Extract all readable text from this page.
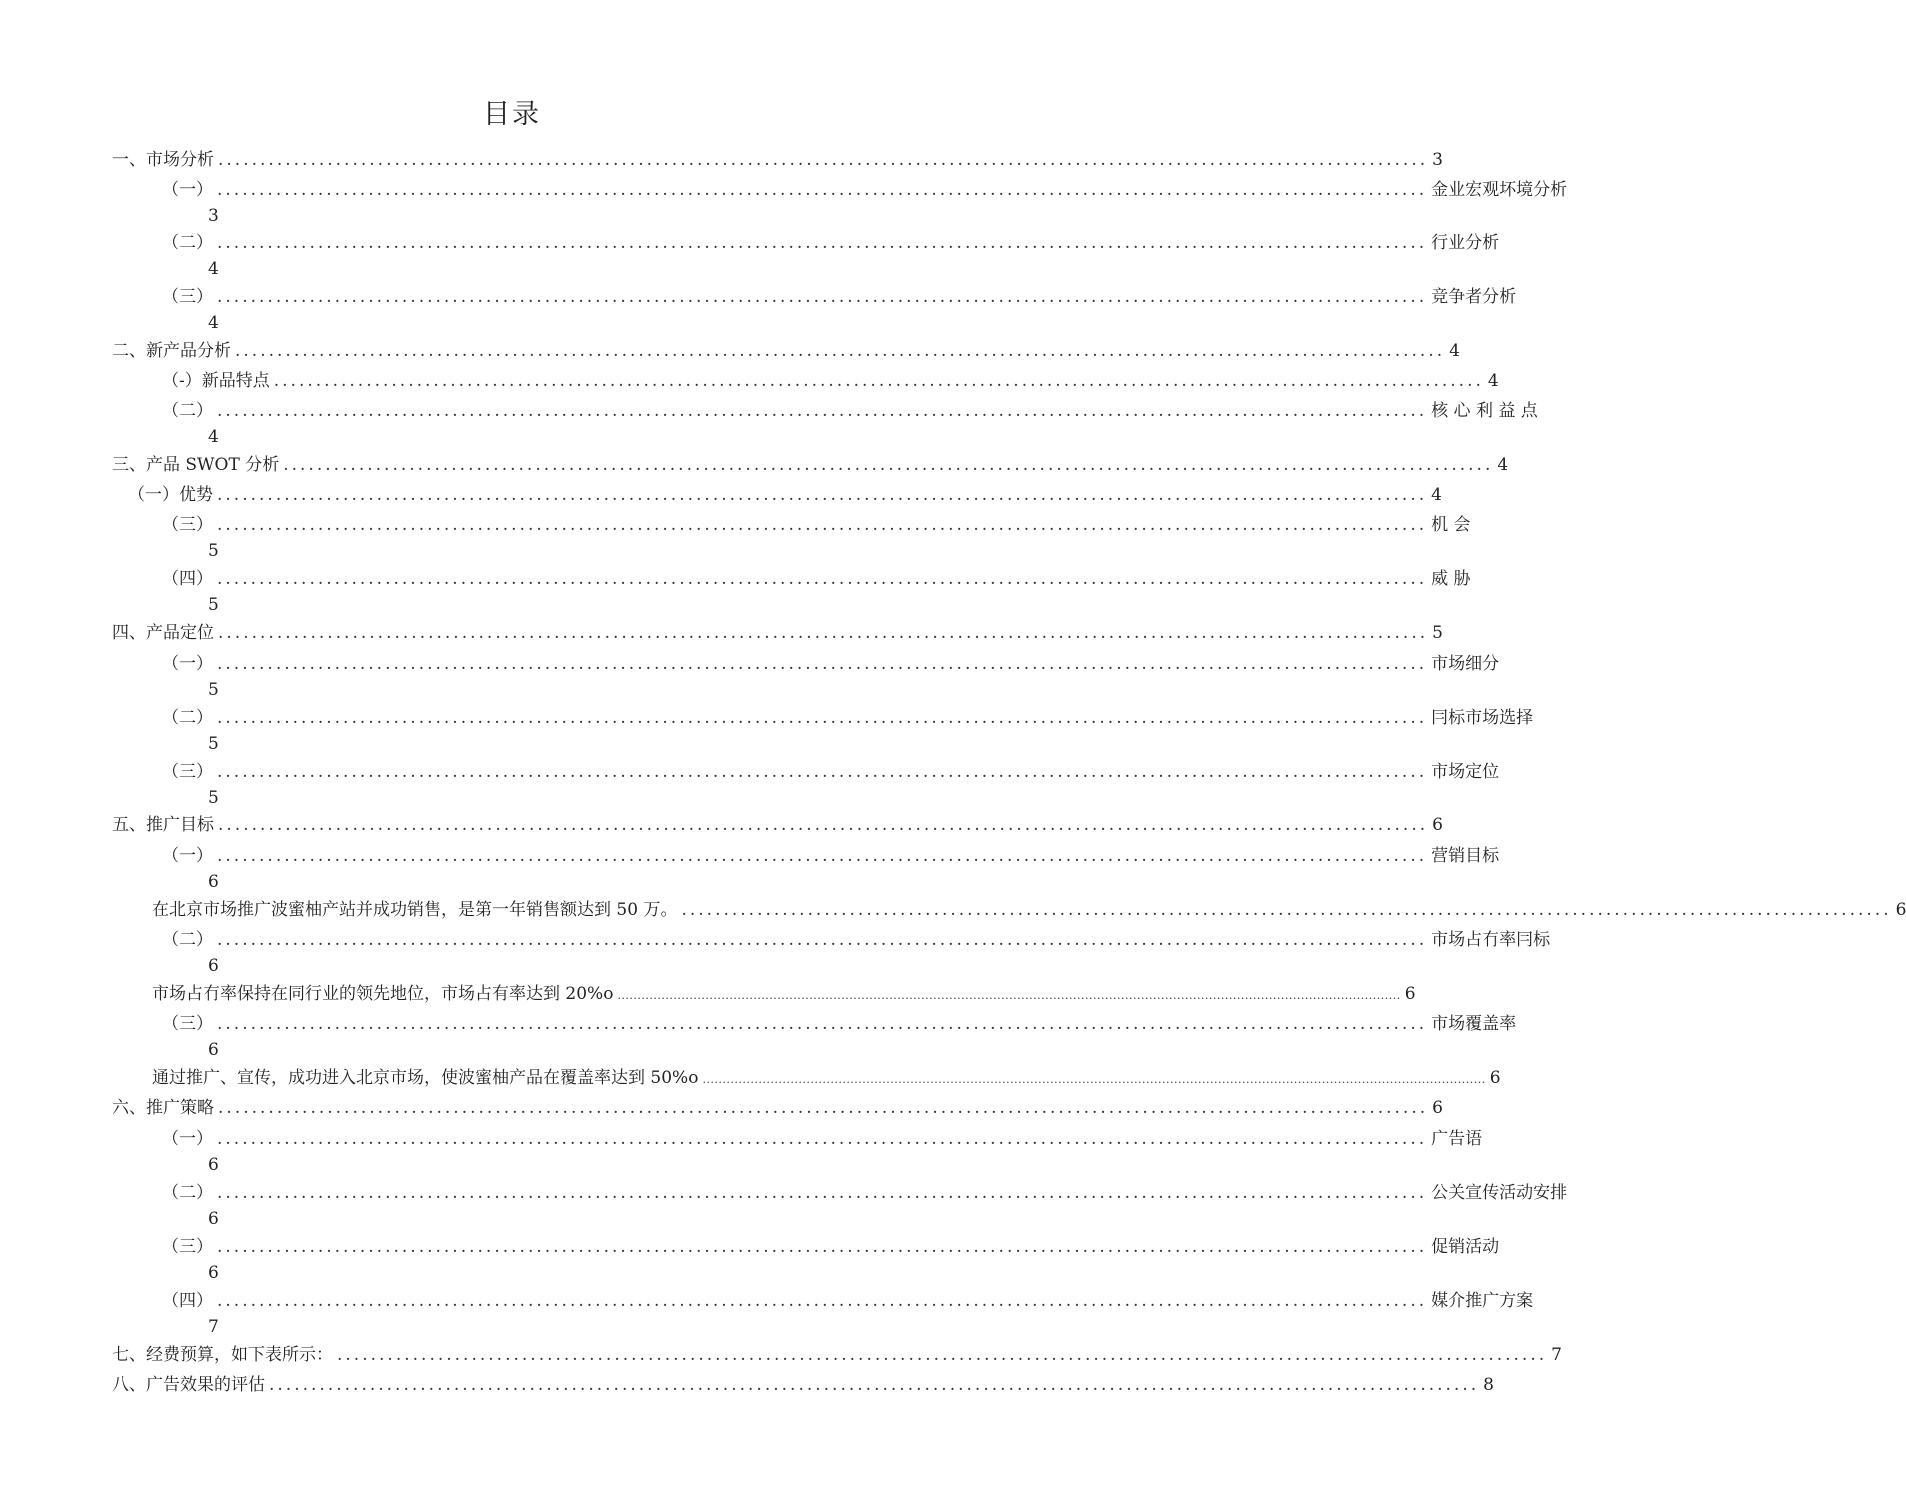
目录
一、市场分析 ................................................................................................................................................ 3
（一） ................................................................................................................................................ 金业宏观坏境分析
3
（二） ................................................................................................................................................ 行业分析
4
（三） ................................................................................................................................................ 竞争者分析
4
二、新产品分析 ................................................................................................................................................ 4
（-）新品特点 ................................................................................................................................................ 4
（二） ................................................................................................................................................ 核 心 利 益 点
4
三、产品 SWOT 分析 ................................................................................................................................................ 4
（一）优势 ................................................................................................................................................ 4
（三） ................................................................................................................................................ 机 会
5
（四） ................................................................................................................................................ 威 胁
5
四、产品定位 ................................................................................................................................................ 5
（一） ................................................................................................................................................ 市场细分
5
（二） ................................................................................................................................................ 冃标市场选择
5
（三） ................................................................................................................................................ 市场定位
5
五、推广目标 ................................................................................................................................................ 6
（一） ................................................................................................................................................ 营销目标
6
在北京市场推广波蜜柚产站并成功销售，是第一年销售额达到 50 万。 ................................................................................................................................................ 6
（二） ................................................................................................................................................ 市场占冇率冃标
6
市场占冇率保持在同行业的领先地位，市场占有率达到 20%o .................................................................................................................................................................................................... 6
（三） ................................................................................................................................................ 市场覆盖率
6
通过推广、宣传，成功进入北京市场，使波蜜柚产品在覆盖率达到 50%o .................................................................................................................................................................................................... 6
六、推广策略 ................................................................................................................................................ 6
（一） ................................................................................................................................................ 广告语
6
（二） ................................................................................................................................................ 公关宣传活动安排
6
（三） ................................................................................................................................................ 促销活动
6
（四） ................................................................................................................................................ 媒介推广方案
7
七、经费预算，如下表所示： ................................................................................................................................................ 7
八、广告效果的评估 ................................................................................................................................................ 8
